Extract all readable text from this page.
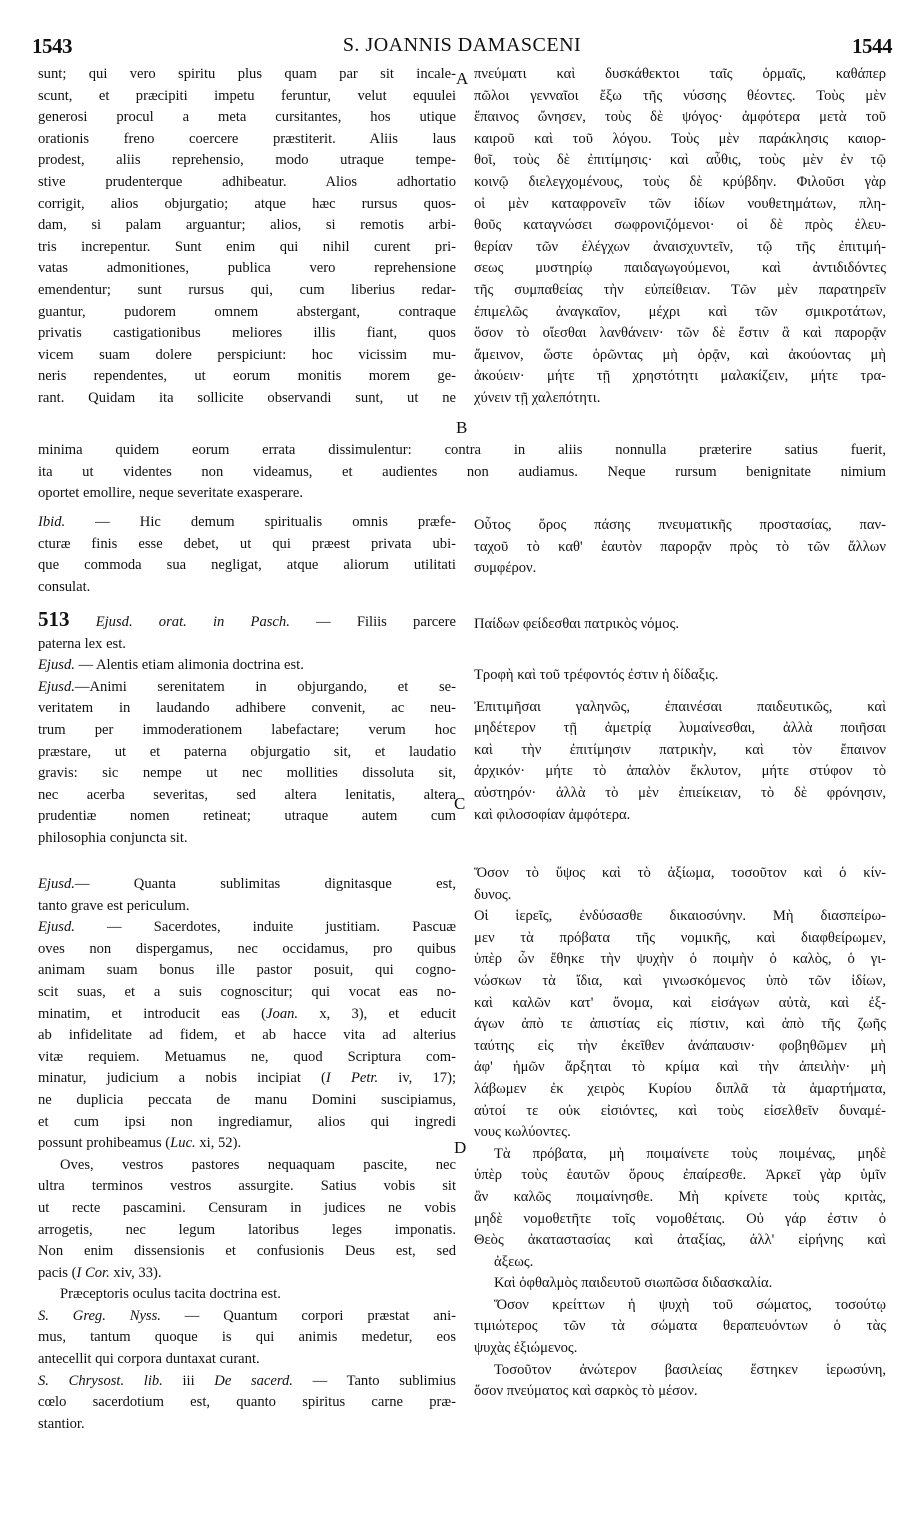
1543	S. JOANNIS DAMASCENI	1544
A
B
C
D
sunt; qui vero spiritu plus quam par sit incale-
scunt, et præcipiti impetu feruntur, velut equulei
generosi procul a meta cursitantes, hos utique
orationis freno coercere præstiterit. Aliis laus
prodest, aliis reprehensio, modo utraque tempe-
stive prudenterque adhibeatur. Alios adhortatio
corrigit, alios objurgatio; atque hæc rursus quos-
dam, si palam arguantur; alios, si remotis arbi-
tris increpentur. Sunt enim qui nihil curent pri-
vatas admonitiones, publica vero reprehensione
emendentur; sunt rursus qui, cum liberius redar-
guantur, pudorem omnem abstergant, contraque
privatis castigationibus meliores illis fiant, quos
vicem suam dolere perspiciunt: hoc vicissim mu-
neris rependentes, ut eorum monitis morem ge-
rant. Quidam ita sollicite observandi sunt, ut ne
πνεύματι καὶ δυσκάθεκτοι ταῖς ὁρμαῖς, καθάπερ
πῶλοι γενναῖοι ἔξω τῆς νύσσης θέοντες. Τοὺς μὲν
ἔπαινος ὤνησεν, τοὺς δὲ ψόγος· ἀμφότερα μετὰ τοῦ
καιροῦ καὶ τοῦ λόγου. Τοὺς μὲν παράκλησις καιορ-
θοῖ, τοὺς δὲ ἐπιτίμησις· καὶ αὖθις, τοὺς μὲν ἐν τῷ
κοινῷ διελεγχομένους, τοὺς δὲ κρύβδην. Φιλοῦσι γὰρ
οἱ μὲν καταφρονεῖν τῶν ἰδίων νουθετημάτων, πλη-
θοῦς καταγνώσει σωφρονιζόμενοι· οἱ δὲ πρὸς ἐλευ-
θερίαν τῶν ἐλέγχων ἀναισχυντεῖν, τῷ τῆς ἐπιτιμή-
σεως μυστηρίῳ παιδαγωγούμενοι, καὶ ἀντιδιδόντες
τῆς συμπαθείας τὴν εὐπείθειαν. Τῶν μὲν παρατηρεῖν
ἐπιμελῶς ἀναγκαῖον, μέχρι καὶ τῶν σμικροτάτων,
ὅσον τὸ οἴεσθαι λανθάνειν· τῶν δὲ ἔστιν ἃ καὶ παρορᾷν
ἄμεινον, ὥστε ὁρῶντας μὴ ὁρᾷν, καὶ ἀκούοντας μὴ
ἀκούειν· μήτε τῇ χρηστότητι μαλακίζειν, μήτε τρα-
χύνειν τῇ χαλεπότητι.
minima quidem eorum errata dissimulentur: contra in aliis nonnulla præterire satius fuerit,
ita ut videntes non videamus, et audientes non audiamus. Neque rursum benignitate nimium
oportet emollire, neque severitate exasperare.
Ibid. — Hic demum spiritualis omnis præfe-
cturæ finis esse debet, ut qui præest privata ubi-
que commoda sua negligat, atque aliorum utilitati
consulat.
Οὗτος ὅρος πάσης πνευματικῆς προστασίας, παν-
ταχοῦ τὸ καθ' ἑαυτὸν παρορᾷν πρὸς τὸ τῶν ἄλλων
συμφέρον.
513 Ejusd. orat. in Pasch. — Filiis parcere
paterna lex est.
Ejusd. — Alentis etiam alimonia doctrina est.
Ejusd.—Animi serenitatem in objurgando, et se-
veritatem in laudando adhibere convenit, ac neu-
trum per immoderationem labefactare; verum hoc
præstare, ut et paterna objurgatio sit, et laudatio
gravis: sic nempe ut nec mollities dissoluta sit,
nec acerba severitas, sed altera lenitatis, altera
prudentiæ nomen retineat; utraque autem cum
philosophia conjuncta sit.
Παίδων φείδεσθαι πατρικὸς νόμος.
Τροφὴ καὶ τοῦ τρέφοντός ἐστιν ἡ δίδαξις.
Ἐπιτιμῆσαι γαληνῶς, ἐπαινέσαι παιδευτικῶς, καὶ
μηδέτερον τῇ ἀμετρίᾳ λυμαίνεσθαι, ἀλλὰ ποιῆσαι
καὶ τὴν ἐπιτίμησιν πατρικὴν, καὶ τὸν ἔπαινον
ἀρχικόν· μήτε τὸ ἁπαλὸν ἔκλυτον, μήτε στύφον τὸ
αὐστηρόν· ἀλλὰ τὸ μὲν ἐπιείκειαν, τὸ δὲ φρόνησιν,
καὶ φιλοσοφίαν ἀμφότερα.
Ejusd.— Quanta sublimitas dignitasque est,
tanto grave est periculum.
Ejusd. — Sacerdotes, induite justitiam. Pascuæ
oves non dispergamus, nec occidamus, pro quibus
animam suam bonus ille pastor posuit, qui cogno-
scit suas, et a suis cognoscitur; qui vocat eas no-
minatim, et introducit eas (Joan. x, 3), et educit
ab infidelitate ad fidem, et ab hacce vita ad alterius
vitæ requiem. Metuamus ne, quod Scriptura com-
minatur, judicium a nobis incipiat (I Petr. iv, 17);
ne duplicia peccata de manu Domini suscipiamus,
et cum ipsi non ingrediamur, alios qui ingredi
possunt prohibeamus (Luc. xi, 52).
Oves, vestros pastores nequaquam pascite, nec
ultra terminos vestros assurgite. Satius vobis sit
ut recte pascamini. Censuram in judices ne vobis
arrogetis, nec legum latoribus leges imponatis.
Non enim dissensionis et confusionis Deus est, sed
pacis (I Cor. xiv, 33).
Præceptoris oculus tacita doctrina est.
S. Greg. Nyss. — Quantum corpori præstat ani-
mus, tantum quoque is qui animis medetur, eos
antecellit qui corpora duntaxat curant.
S. Chrysost. lib. iii De sacerd. — Tanto sublimius
cœlo sacerdotium est, quanto spiritus carne præ-
stantior.
Ὅσον τὸ ὕψος καὶ τὸ ἀξίωμα, τοσοῦτον καὶ ὁ κίν-
δυνος.
Οἱ ἱερεῖς, ἐνδύσασθε δικαιοσύνην. Μὴ διασπείρω-
μεν τὰ πρόβατα τῆς νομικῆς, καὶ διαφθείρωμεν,
ὑπὲρ ὧν ἔθηκε τὴν ψυχὴν ὁ ποιμὴν ὁ καλὸς, ὁ γι-
νώσκων τὰ ἴδια, καὶ γινωσκόμενος ὑπὸ τῶν ἰδίων,
καὶ καλῶν κατ' ὄνομα, καὶ εἰσάγων αὐτὰ, καὶ ἐξ-
άγων ἀπὸ τε ἀπιστίας εἰς πίστιν, καὶ ἀπὸ τῆς ζωῆς
ταύτης εἰς τὴν ἐκεῖθεν ἀνάπαυσιν· φοβηθῶμεν μὴ
ἀφ' ἡμῶν ἄρξηται τὸ κρίμα καὶ τὴν ἀπειλὴν· μὴ
λάβωμεν ἐκ χειρὸς Κυρίου διπλᾶ τὰ ἁμαρτήματα,
αὐτοί τε οὐκ εἰσιόντες, καὶ τοὺς εἰσελθεῖν δυναμέ-
νους κωλύοντες.
Τὰ πρόβατα, μὴ ποιμαίνετε τοὺς ποιμένας, μηδὲ
ὑπὲρ τοὺς ἑαυτῶν ὅρους ἐπαίρεσθε. Ἀρκεῖ γὰρ ὑμῖν
ἂν καλῶς ποιμαίνησθε. Μὴ κρίνετε τοὺς κριτὰς,
μηδὲ νομοθετῆτε τοῖς νομοθέταις. Οὐ γάρ ἐστιν ὁ
Θεὸς ἀκαταστασίας καὶ ἀταξίας, ἀλλ' εἰρήνης καὶ
ἀξεως.
Καὶ ὀφθαλμὸς παιδευτοῦ σιωπῶσα διδασκαλία.
Ὅσον κρείττων ἡ ψυχὴ τοῦ σώματος, τοσούτῳ
τιμιώτερος τῶν τὰ σώματα θεραπευόντων ὁ τὰς
ψυχὰς ἐξιώμενος.
Τοσοῦτον ἀνώτερον βασιλείας ἕστηκεν ἱερωσύνη,
ὅσον πνεύματος καὶ σαρκὸς τὸ μέσον.
